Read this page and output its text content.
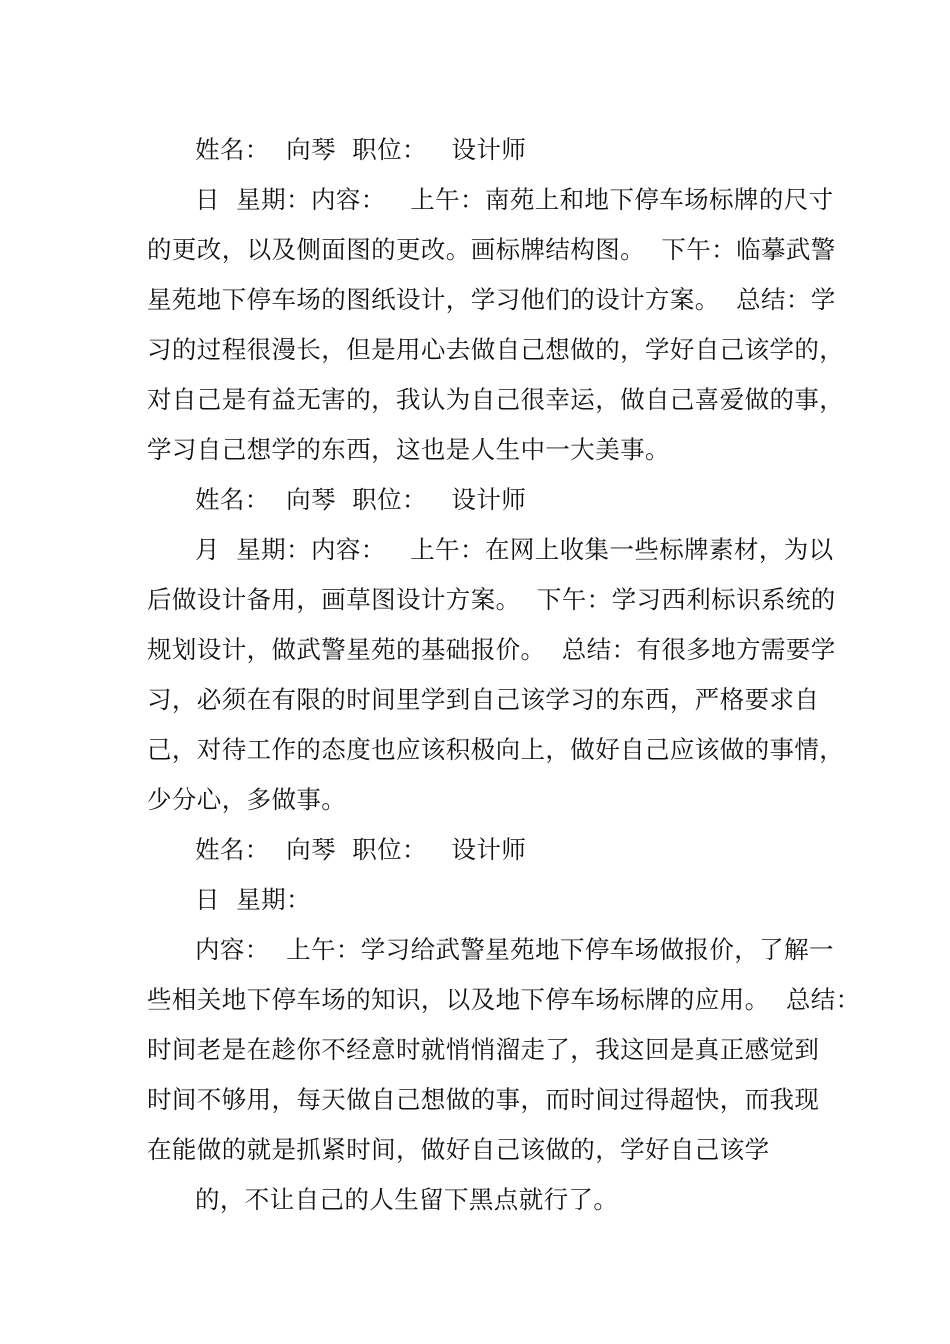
姓名：  向琴  职位：   设计师
日  星期：内容：   上午：南苑上和地下停车场标牌的尺寸
的更改，以及侧面图的更改。画标牌结构图。  下午：临摹武警
星苑地下停车场的图纸设计，学习他们的设计方案。  总结：学
习的过程很漫长，但是用心去做自己想做的，学好自己该学的，
对自己是有益无害的，我认为自己很幸运，做自己喜爱做的事，
学习自己想学的东西，这也是人生中一大美事。
姓名：  向琴  职位：   设计师
月  星期：内容：   上午：在网上收集一些标牌素材，为以
后做设计备用，画草图设计方案。  下午：学习西利标识系统的
规划设计，做武警星苑的基础报价。  总结：有很多地方需要学
习，必须在有限的时间里学到自己该学习的东西，严格要求自
己，对待工作的态度也应该积极向上，做好自己应该做的事情，
少分心，多做事。
姓名：  向琴  职位：   设计师
日  星期：
内容：  上午：学习给武警星苑地下停车场做报价，了解一
些相关地下停车场的知识，以及地下停车场标牌的应用。  总结：
时间老是在趁你不经意时就悄悄溜走了，我这回是真正感觉到
时间不够用，每天做自己想做的事，而时间过得超快，而我现
在能做的就是抓紧时间，做好自己该做的，学好自己该学
的，不让自己的人生留下黑点就行了。
